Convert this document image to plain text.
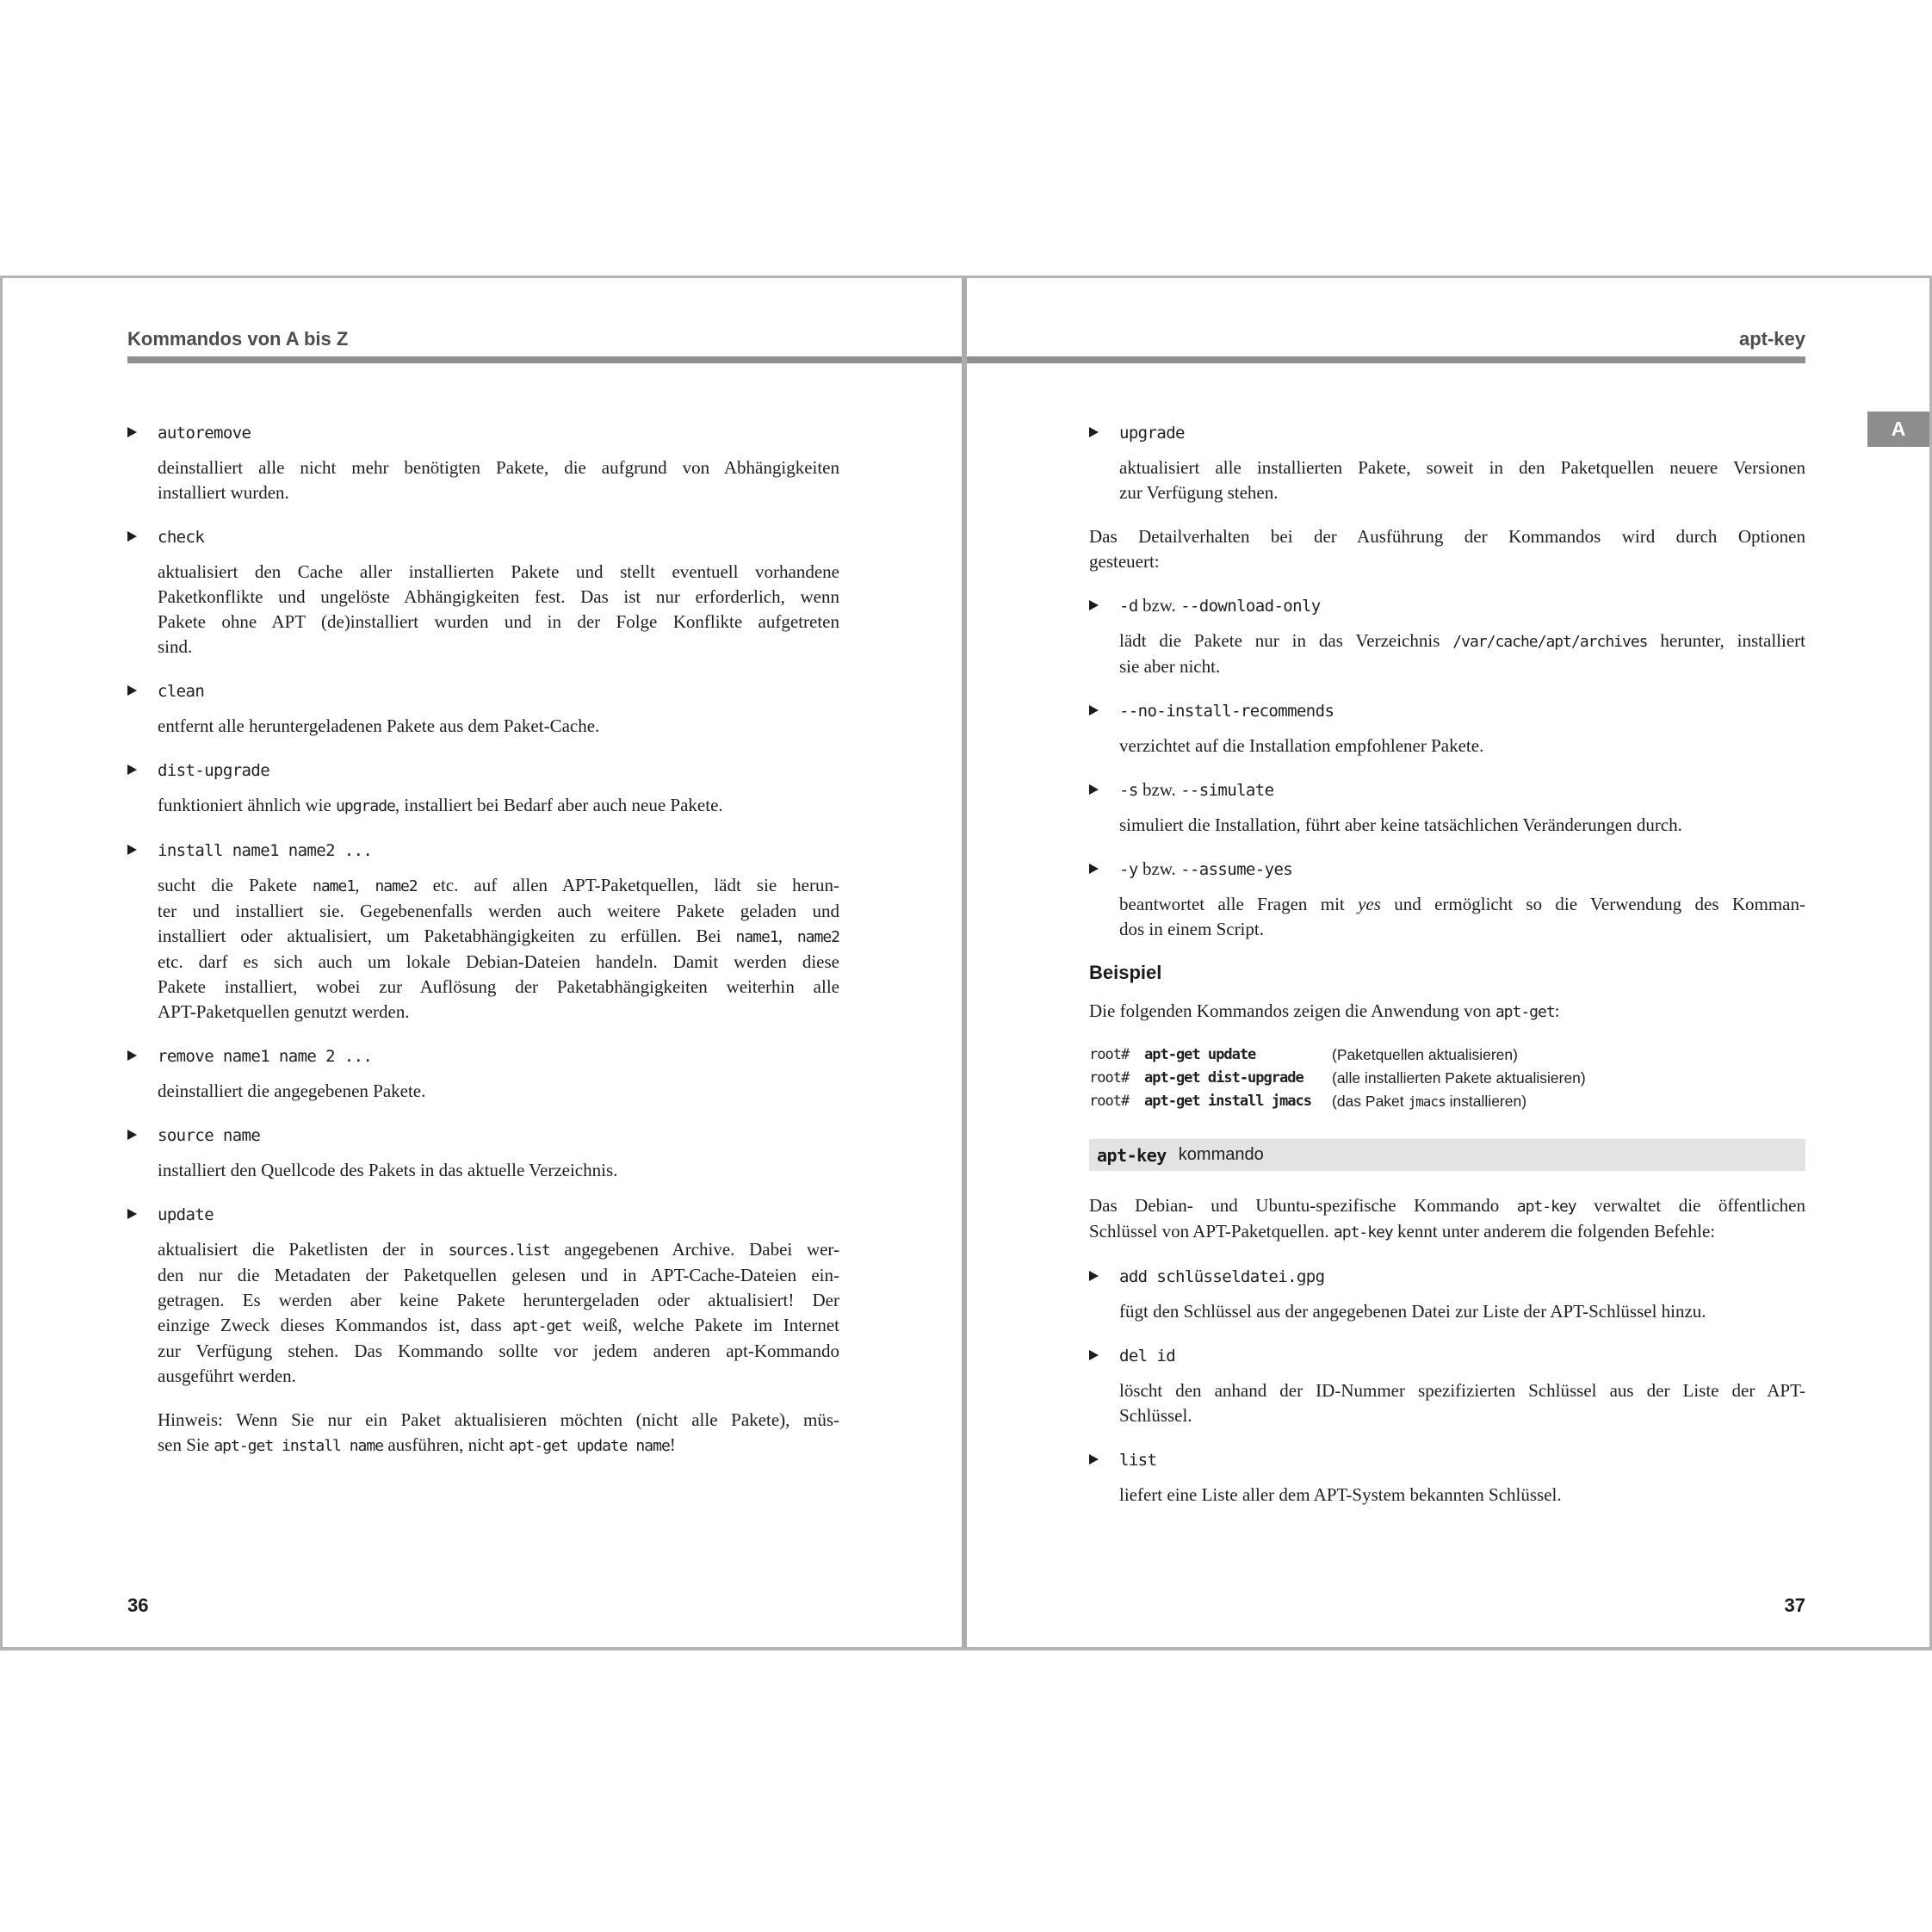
Kommandos von A bis Z
autoremove
deinstalliert alle nicht mehr benötigten Pakete, die aufgrund von Abhängigkeiten
installiert wurden.
check
aktualisiert den Cache aller installierten Pakete und stellt eventuell vorhandene
Paketkonflikte und ungelöste Abhängigkeiten fest. Das ist nur erforderlich, wenn
Pakete ohne APT (de)installiert wurden und in der Folge Konflikte aufgetreten
sind.
clean
entfernt alle heruntergeladenen Pakete aus dem Paket-Cache.
dist-upgrade
funktioniert ähnlich wie upgrade, installiert bei Bedarf aber auch neue Pakete.
install name1 name2 ...
sucht die Pakete name1, name2 etc. auf allen APT-Paketquellen, lädt sie herun-
ter und installiert sie. Gegebenenfalls werden auch weitere Pakete geladen und
installiert oder aktualisiert, um Paketabhängigkeiten zu erfüllen. Bei name1, name2
etc. darf es sich auch um lokale Debian-Dateien handeln. Damit werden diese
Pakete installiert, wobei zur Auflösung der Paketabhängigkeiten weiterhin alle
APT-Paketquellen genutzt werden.
remove name1 name 2 ...
deinstalliert die angegebenen Pakete.
source name
installiert den Quellcode des Pakets in das aktuelle Verzeichnis.
update
aktualisiert die Paketlisten der in sources.list angegebenen Archive. Dabei wer-
den nur die Metadaten der Paketquellen gelesen und in APT-Cache-Dateien ein-
getragen. Es werden aber keine Pakete heruntergeladen oder aktualisiert! Der
einzige Zweck dieses Kommandos ist, dass apt-get weiß, welche Pakete im Internet
zur Verfügung stehen. Das Kommando sollte vor jedem anderen apt-Kommando
ausgeführt werden.
Hinweis: Wenn Sie nur ein Paket aktualisieren möchten (nicht alle Pakete), müs-
sen Sie apt-get install name ausführen, nicht apt-get update name!
36
apt-key
upgrade
aktualisiert alle installierten Pakete, soweit in den Paketquellen neuere Versionen
zur Verfügung stehen.
Das Detailverhalten bei der Ausführung der Kommandos wird durch Optionen
gesteuert:
-d bzw. --download-only
lädt die Pakete nur in das Verzeichnis /var/cache/apt/archives herunter, installiert
sie aber nicht.
--no-install-recommends
verzichtet auf die Installation empfohlener Pakete.
-s bzw. --simulate
simuliert die Installation, führt aber keine tatsächlichen Veränderungen durch.
-y bzw. --assume-yes
beantwortet alle Fragen mit yes und ermöglicht so die Verwendung des Komman-
dos in einem Script.
Beispiel
Die folgenden Kommandos zeigen die Anwendung von apt-get:
root#	apt-get update	(Paketquellen aktualisieren)
root#	apt-get dist-upgrade	(alle installierten Pakete aktualisieren)
root#	apt-get install jmacs	(das Paket jmacs installieren)
apt-key kommando
Das Debian- und Ubuntu-spezifische Kommando apt-key verwaltet die öffentlichen
Schlüssel von APT-Paketquellen. apt-key kennt unter anderem die folgenden Befehle:
add schlüsseldatei.gpg
fügt den Schlüssel aus der angegebenen Datei zur Liste der APT-Schlüssel hinzu.
del id
löscht den anhand der ID-Nummer spezifizierten Schlüssel aus der Liste der APT-
Schlüssel.
list
liefert eine Liste aller dem APT-System bekannten Schlüssel.
37
A
